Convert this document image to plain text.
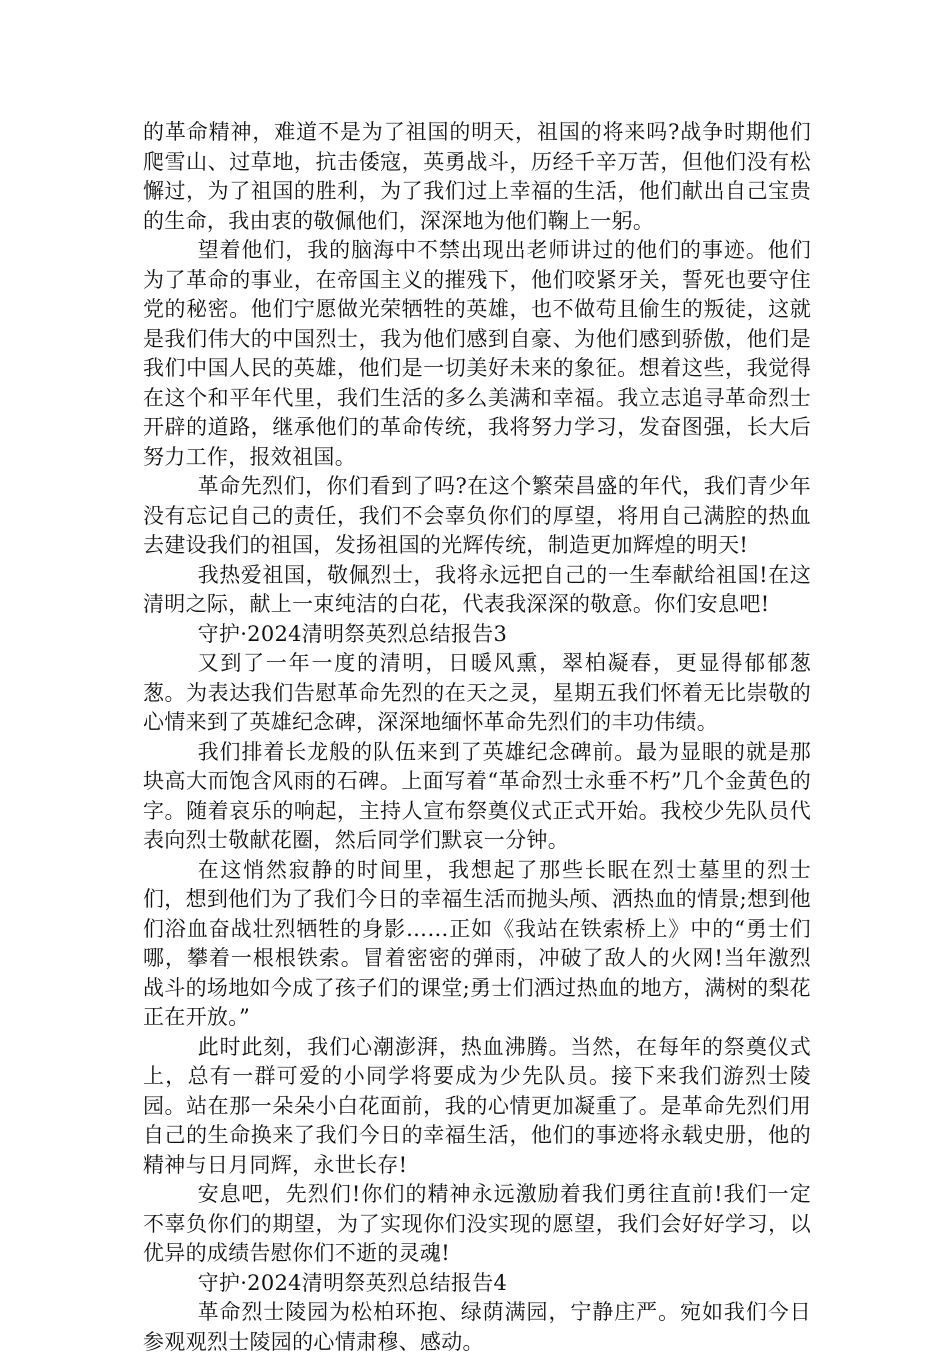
的革命精神，难道不是为了祖国的明天，祖国的将来吗?战争时期他们爬雪山、过草地，抗击倭寇，英勇战斗，历经千辛万苦，但他们没有松懈过，为了祖国的胜利，为了我们过上幸福的生活，他们献出自己宝贵的生命，我由衷的敬佩他们，深深地为他们鞠上一躬。

望着他们，我的脑海中不禁出现出老师讲过的他们的事迹。他们为了革命的事业，在帝国主义的摧残下，他们咬紧牙关，誓死也要守住党的秘密。他们宁愿做光荣牺牲的英雄，也不做苟且偷生的叛徒，这就是我们伟大的中国烈士，我为他们感到自豪、为他们感到骄傲，他们是我们中国人民的英雄，他们是一切美好未来的象征。想着这些，我觉得在这个和平年代里，我们生活的多么美满和幸福。我立志追寻革命烈士开辟的道路，继承他们的革命传统，我将努力学习，发奋图强，长大后努力工作，报效祖国。

革命先烈们，你们看到了吗?在这个繁荣昌盛的年代，我们青少年没有忘记自己的责任，我们不会辜负你们的厚望，将用自己满腔的热血去建设我们的祖国，发扬祖国的光辉传统，制造更加辉煌的明天!

我热爱祖国，敬佩烈士，我将永远把自己的一生奉献给祖国!在这清明之际，献上一束纯洁的白花，代表我深深的敬意。你们安息吧!

守护·2024清明祭英烈总结报告3

又到了一年一度的清明，日暖风熏，翠柏凝春，更显得郁郁葱葱。为表达我们告慰革命先烈的在天之灵，星期五我们怀着无比崇敬的心情来到了英雄纪念碑，深深地缅怀革命先烈们的丰功伟绩。

我们排着长龙般的队伍来到了英雄纪念碑前。最为显眼的就是那块高大而饱含风雨的石碑。上面写着“革命烈士永垂不朽”几个金黄色的字。随着哀乐的响起，主持人宣布祭奠仪式正式开始。我校少先队员代表向烈士敬献花圈，然后同学们默哀一分钟。

在这悄然寂静的时间里，我想起了那些长眠在烈士墓里的烈士们，想到他们为了我们今日的幸福生活而抛头颅、洒热血的情景;想到他们浴血奋战壮烈牺牲的身影……正如《我站在铁索桥上》中的“勇士们哪，攀着一根根铁索。冒着密密的弹雨，冲破了敌人的火网!当年激烈战斗的场地如今成了孩子们的课堂;勇士们洒过热血的地方，满树的梨花正在开放。”

此时此刻，我们心潮澎湃，热血沸腾。当然，在每年的祭奠仪式上，总有一群可爱的小同学将要成为少先队员。接下来我们游烈士陵园。站在那一朵朵小白花面前，我的心情更加凝重了。是革命先烈们用自己的生命换来了我们今日的幸福生活，他们的事迹将永载史册，他的精神与日月同辉，永世长存!

安息吧，先烈们!你们的精神永远激励着我们勇往直前!我们一定不辜负你们的期望，为了实现你们没实现的愿望，我们会好好学习，以优异的成绩告慰你们不逝的灵魂!

守护·2024清明祭英烈总结报告4

革命烈士陵园为松柏环抱、绿荫满园，宁静庄严。宛如我们今日参观观烈士陵园的心情肃穆、感动。
